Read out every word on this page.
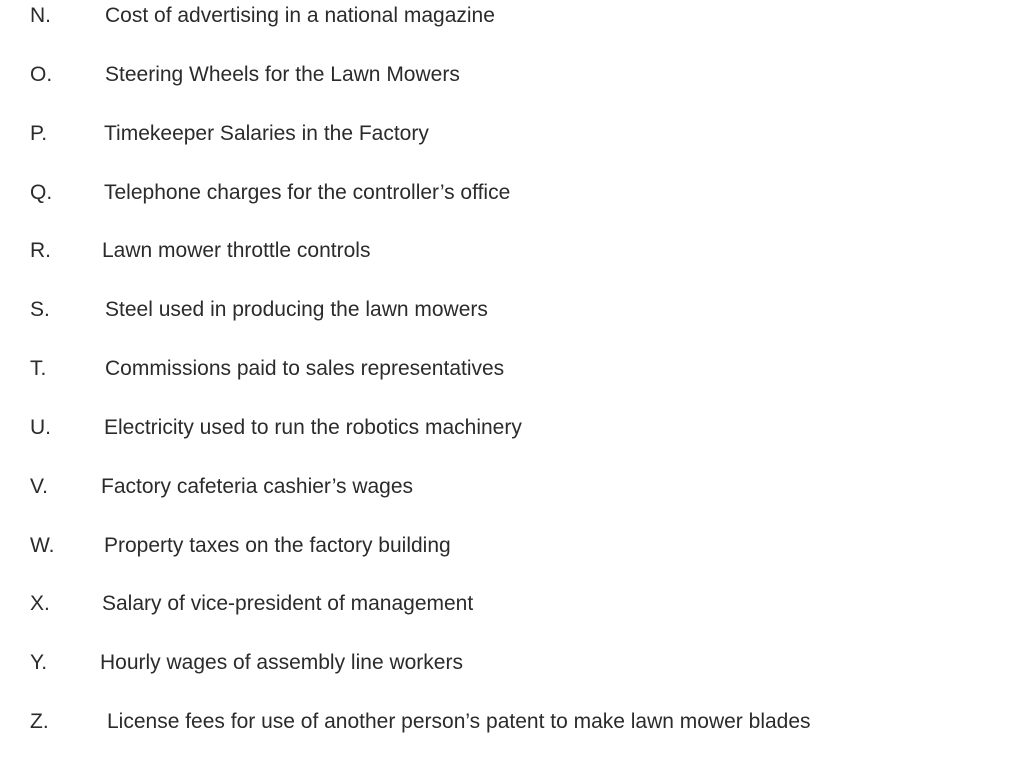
N.	Cost of advertising in a national magazine
O.	Steering Wheels for the Lawn Mowers
P.	Timekeeper Salaries in the Factory
Q. Telephone charges for the controller’s office
R. Lawn mower throttle controls
S.	Steel used in producing the lawn mowers
T.	Commissions paid to sales representatives
U.	Electricity used to run the robotics machinery
V.	Factory cafeteria cashier’s wages
W. Property taxes on the factory building
X. Salary of vice-president of management
Y.	Hourly wages of assembly line workers
Z.	License fees for use of another person’s patent to make lawn mower blades
